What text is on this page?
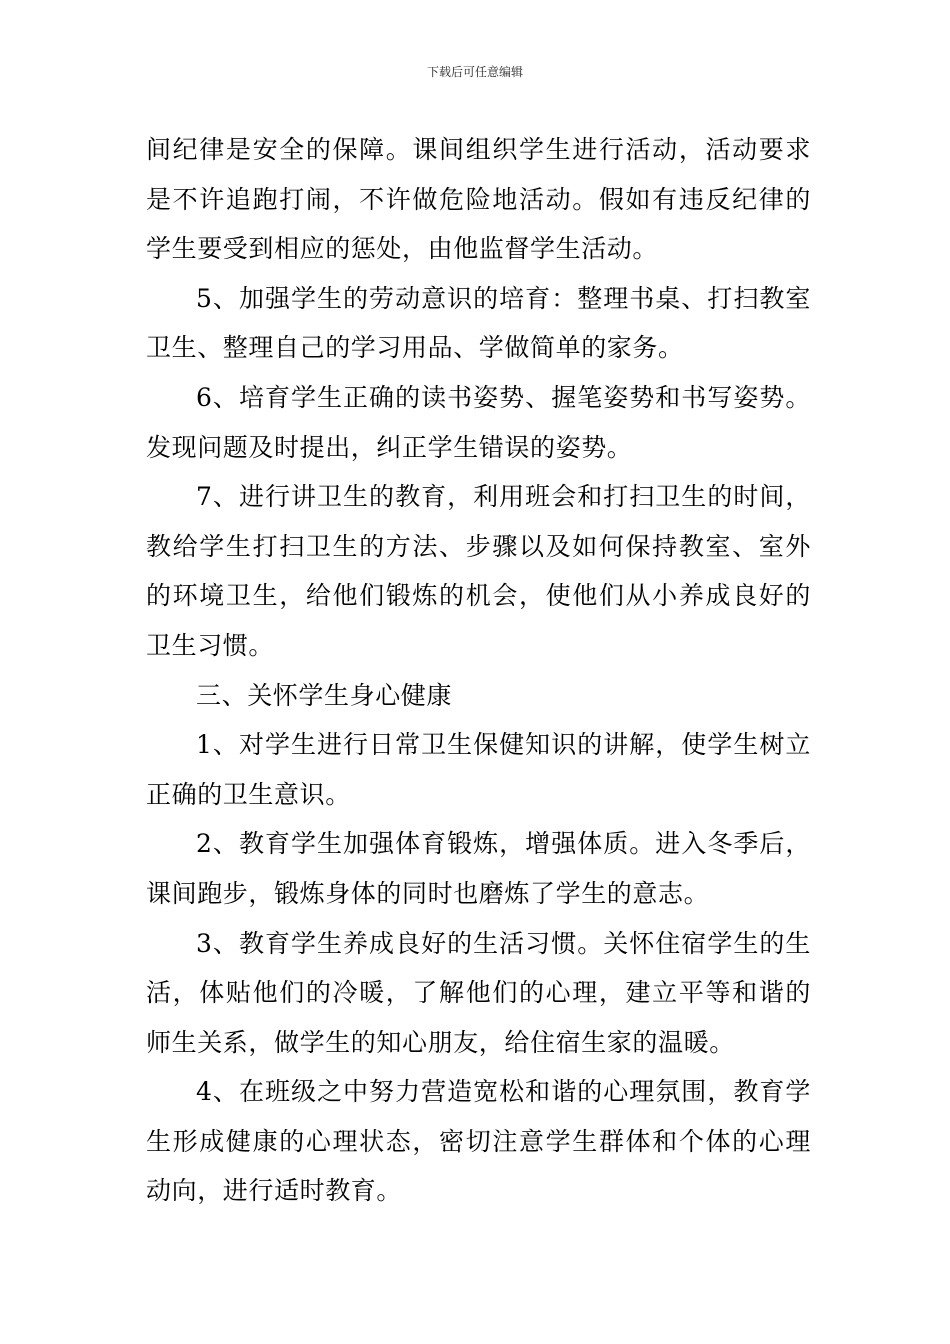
下载后可任意编辑

间纪律是安全的保障。课间组织学生进行活动，活动要求是不许追跑打闹，不许做危险地活动。假如有违反纪律的学生要受到相应的惩处，由他监督学生活动。

5、加强学生的劳动意识的培育：整理书桌、打扫教室卫生、整理自己的学习用品、学做简单的家务。

6、培育学生正确的读书姿势、握笔姿势和书写姿势。发现问题及时提出，纠正学生错误的姿势。

7、进行讲卫生的教育，利用班会和打扫卫生的时间，教给学生打扫卫生的方法、步骤以及如何保持教室、室外的环境卫生，给他们锻炼的机会，使他们从小养成良好的卫生习惯。

三、关怀学生身心健康

1、对学生进行日常卫生保健知识的讲解，使学生树立正确的卫生意识。

2、教育学生加强体育锻炼，增强体质。进入冬季后，课间跑步，锻炼身体的同时也磨炼了学生的意志。

3、教育学生养成良好的生活习惯。关怀住宿学生的生活，体贴他们的冷暖，了解他们的心理，建立平等和谐的师生关系，做学生的知心朋友，给住宿生家的温暖。

4、在班级之中努力营造宽松和谐的心理氛围，教育学生形成健康的心理状态，密切注意学生群体和个体的心理动向，进行适时教育。
